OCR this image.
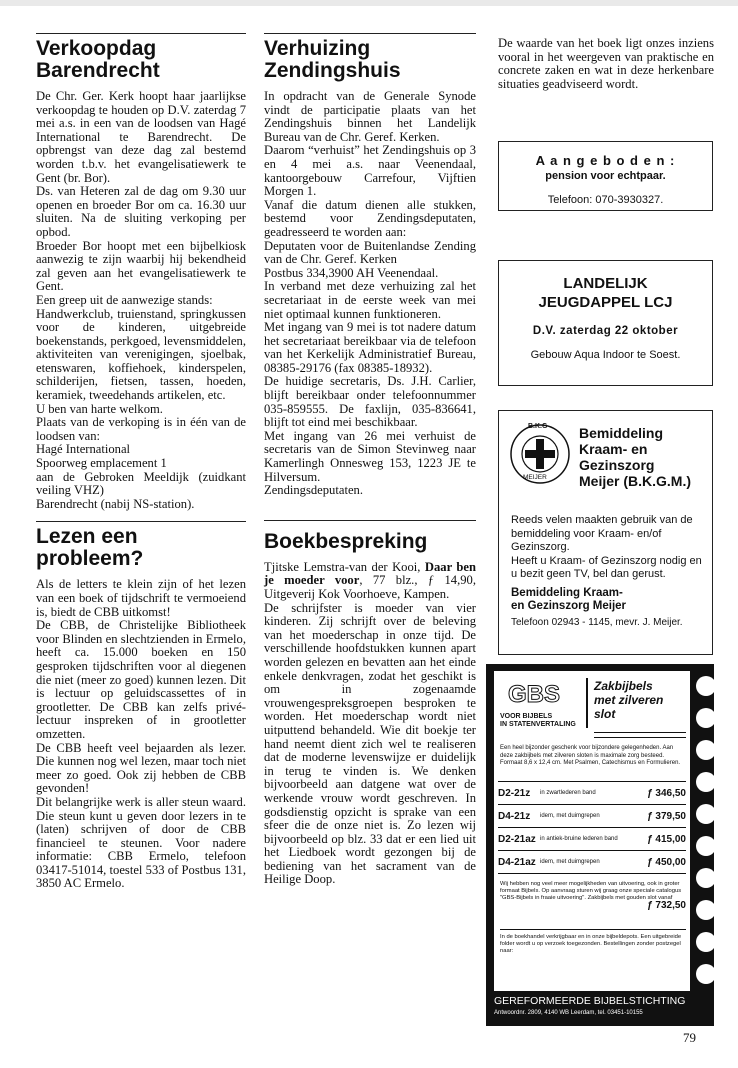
Verkoopdag
Barendrecht
De Chr. Ger. Kerk hoopt haar jaarlijkse verkoopdag te houden op D.V. zaterdag 7 mei a.s. in een van de loodsen van Hagé International te Barendrecht. De opbrengst van deze dag zal bestemd worden t.b.v. het evangelisatiewerk te Gent (br. Bor).
Ds. van Heteren zal de dag om 9.30 uur openen en broeder Bor om ca. 16.30 uur sluiten. Na de sluiting verkoping per opbod.
Broeder Bor hoopt met een bijbelkiosk aanwezig te zijn waarbij hij bekendheid zal geven aan het evangelisatiewerk te Gent.
Een greep uit de aanwezige stands:
Handwerkclub, truienstand, springkussen voor de kinderen, uitgebreide boekenstands, perkgoed, levensmiddelen, aktiviteiten van verenigingen, sjoelbak, etenswaren, koffiehoek, kinderspelen, schilderijen, fietsen, tassen, hoeden, keramiek, tweedehands artikelen, etc.
U ben van harte welkom.
Plaats van de verkoping is in één van de loodsen van:
Hagé International
Spoorweg emplacement 1
aan de Gebroken Meeldijk (zuidkant veiling VHZ)
Barendrecht (nabij NS-station).
Lezen een
probleem?
Als de letters te klein zijn of het lezen van een boek of tijdschrift te vermoeiend is, biedt de CBB uitkomst!
De CBB, de Christelijke Bibliotheek voor Blinden en slechtzienden in Ermelo, heeft ca. 15.000 boeken en 150 gesproken tijdschriften voor al diegenen die niet (meer zo goed) kunnen lezen. Dit is lectuur op geluidscassettes of in grootletter. De CBB kan zelfs privé-lectuur inspreken of in grootletter omzetten.
De CBB heeft veel bejaarden als lezer. Die kunnen nog wel lezen, maar toch niet meer zo goed. Ook zij hebben de CBB gevonden!
Dit belangrijke werk is aller steun waard. Die steun kunt u geven door lezers in te (laten) schrijven of door de CBB financieel te steunen. Voor nadere informatie: CBB Ermelo, telefoon 03417-51014, toestel 533 of Postbus 131, 3850 AC Ermelo.
Verhuizing
Zendingshuis
In opdracht van de Generale Synode vindt de participatie plaats van het Zendingshuis binnen het Landelijk Bureau van de Chr. Geref. Kerken.
Daarom “verhuist” het Zendingshuis op 3 en 4 mei a.s. naar Veenendaal, kantoorgebouw Carrefour, Vijftien Morgen 1.
Vanaf die datum dienen alle stukken, bestemd voor Zendingsdeputaten, geadresseerd te worden aan:
Deputaten voor de Buitenlandse Zending van de Chr. Geref. Kerken
Postbus 334,3900 AH Veenendaal.
In verband met deze verhuizing zal het secretariaat in de eerste week van mei niet optimaal kunnen funktioneren.
Met ingang van 9 mei is tot nadere datum het secretariaat bereikbaar via de telefoon van het Kerkelijk Administratief Bureau, 08385-29176 (fax 08385-18932).
De huidige secretaris, Ds. J.H. Carlier, blijft bereikbaar onder telefoonnummer 035-859555. De faxlijn, 035-836641, blijft tot eind mei beschikbaar.
Met ingang van 26 mei verhuist de secretaris van de Simon Stevinweg naar Kamerlingh Onnesweg 153, 1223 JE te Hilversum.
Zendingsdeputaten.
Boekbespreking
Tjitske Lemstra-van der Kooi, Daar ben je moeder voor, 77 blz., ƒ 14,90, Uitgeverij Kok Voorhoeve, Kampen.
De schrijfster is moeder van vier kinderen. Zij schrijft over de beleving van het moederschap in onze tijd. De verschillende hoofdstukken kunnen apart worden gelezen en bevatten aan het einde enkele denkvragen, zodat het geschikt is om in zogenaamde vrouwengespreksgroepen besproken te worden. Het moederschap wordt niet uitputtend behandeld. Wie dit boekje ter hand neemt dient zich wel te realiseren dat de moderne levenswijze er duidelijk in terug te vinden is. We denken bijvoorbeeld aan datgene wat over de werkende vrouw wordt geschreven. In godsdienstig opzicht is sprake van een sfeer die de onze niet is. Zo lezen wij bijvoorbeeld op blz. 33 dat er een lied uit het Liedboek wordt gezongen bij de bediening van het sacrament van de Heilige Doop.
De waarde van het boek ligt onzes inziens vooral in het weergeven van praktische en concrete zaken en wat in deze herkenbare situaties geadviseerd wordt.
A a n g e b o d e n :
pension voor echtpaar.
Telefoon: 070-3930327.
LANDELIJK
JEUGDAPPEL LCJ
D.V. zaterdag 22 oktober
Gebouw Aqua Indoor te Soest.
B.K.G
MEIJER
Bemiddeling
Kraam- en
Gezinszorg
Meijer (B.K.G.M.)
Reeds velen maakten gebruik van de bemiddeling voor Kraam- en/of Gezinszorg.
Heeft u Kraam- of Gezinszorg nodig en u bezit geen TV, bel dan gerust.
Bemiddeling Kraam-
en Gezinszorg Meijer
Telefoon 02943 - 1145, mevr. J. Meijer.
GBS
VOOR BIJBELS
IN STATENVERTALING
Zakbijbels
met zilveren
slot
Een heel bijzonder geschenk voor bijzondere gelegenheden. Aan deze zakbijbels met zilveren sloten is maximale zorg besteed. Formaat 8,6 x 12,4 cm. Met Psalmen, Catechismus en Formulieren.
D2-21z	in zwartlederen band	ƒ 346,50
D4-21z	idem, met duimgrepen	ƒ 379,50
D2-21az in antiek-bruine lederen band	ƒ 415,00
D4-21az idem, met duimgrepen	ƒ 450,00
Wij hebben nog veel meer mogelijkheden van uitvoering, ook in groter formaat Bijbels. Op aanvraag sturen wij graag onze speciale catalogus "GBS-Bijbels in fraaie uitvoering". Zakbijbels met gouden slot vanaf
ƒ 732,50
In de boekhandel verkrijgbaar en in onze bijbeldepots. Een uitgebreide folder wordt u op verzoek toegezonden. Bestellingen zonder postzegel naar:
GEREFORMEERDE BIJBELSTICHTING
Antwoordnr. 2809, 4140 WB Leerdam, tel. 03451-10155
79
